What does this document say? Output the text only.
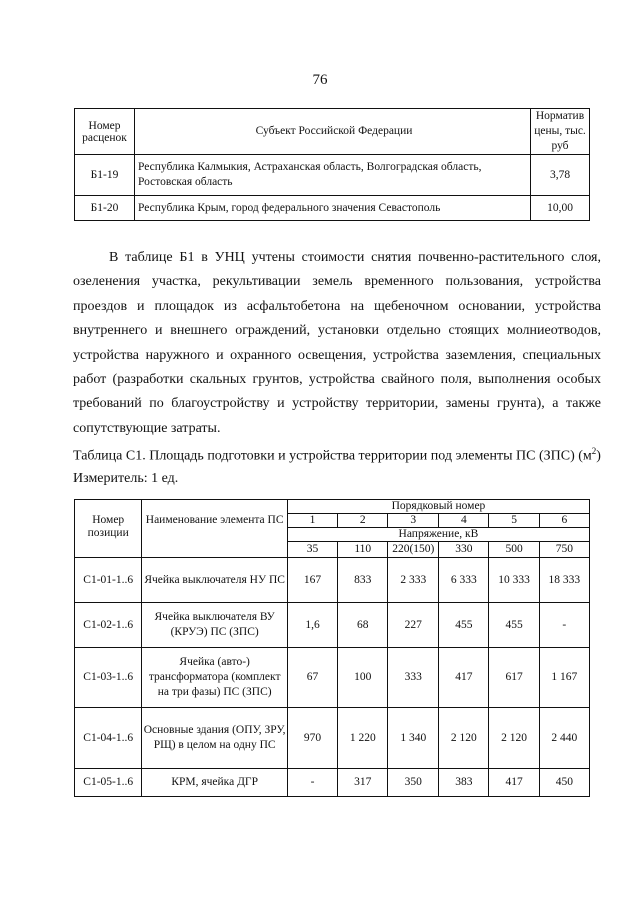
76
Номер расценок	Субъект Российской Федерации	Норматив цены, тыс. руб
Б1-19	Республика Калмыкия, Астраханская область, Волгоградская область, Ростовская область	3,78
Б1-20	Республика Крым, город федерального значения Севастополь	10,00

В таблице Б1 в УНЦ учтены стоимости снятия почвенно-растительного слоя, озеленения участка, рекультивации земель временного пользования, устройства проездов и площадок из асфальтобетона на щебеночном основании, устройства внутреннего и внешнего ограждений, установки отдельно стоящих молниеотводов, устройства наружного и охранного освещения, устройства заземления, специальных работ (разработки скальных грунтов, устройства свайного поля, выполнения особых требований по благоустройству и устройству территории, замены грунта), а также сопутствующие затраты.

Таблица С1. Площадь подготовки и устройства территории под элементы ПС (ЗПС) $(м^2)$
Измеритель: 1 ед.
Номер позиции	Наименование элемента ПС	Порядковый номер					
		1	2	3	4	5	6
		Напряжение, кВ					
		35	110	220(150)	330	500	750
С1-01-1..6	Ячейка выключателя НУ ПС	167	833	2 333	6 333	10 333	18 333
С1-02-1..6	Ячейка выключателя ВУ (КРУЭ) ПС (ЗПС)	1,6	68	227	455	455	-
С1-03-1..6	Ячейка (авто-) трансформатора (комплект на три фазы) ПС (ЗПС)	67	100	333	417	617	1 167
С1-04-1..6	Основные здания (ОПУ, ЗРУ, РЩ) в целом на одну ПС	970	1 220	1 340	2 120	2 120	2 440
С1-05-1..6	КРМ, ячейка ДГР	-	317	350	383	417	450
